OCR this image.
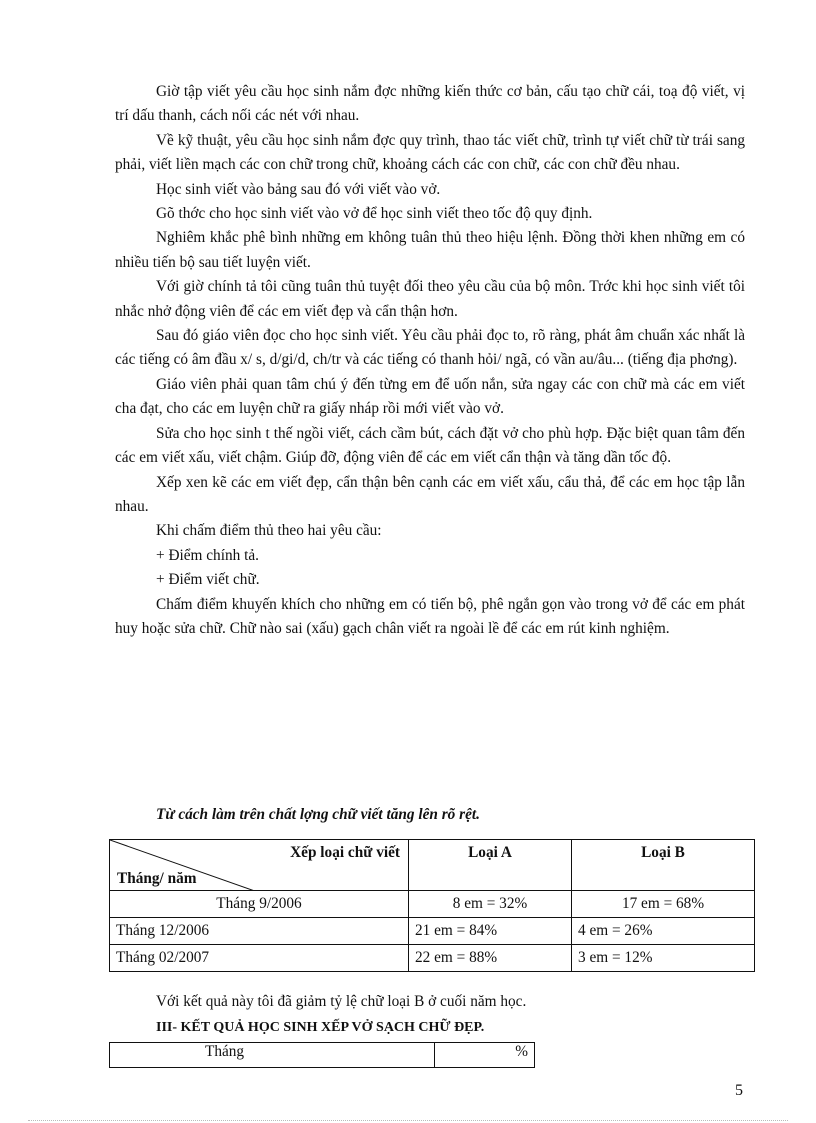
Giờ tập viết yêu cầu học sinh nắm đợc những kiến thức cơ bản, cấu tạo chữ cái, toạ độ viết, vị trí dấu thanh, cách nối các nét với nhau.

Về kỹ thuật, yêu cầu học sinh nắm đợc quy trình, thao tác viết chữ, trình tự viết chữ từ trái sang phải, viết liền mạch các con chữ trong chữ, khoảng cách các con chữ, các con chữ đều nhau.

Học sinh viết vào bảng sau đó với viết vào vở.

Gõ thớc cho học sinh viết vào vở để học sinh viết theo tốc độ quy định.

Nghiêm khắc phê bình những em không tuân thủ theo hiệu lệnh. Đồng thời khen những em có nhiều tiến bộ sau tiết luyện viết.

Với giờ chính tả tôi cũng tuân thủ tuyệt đối theo yêu cầu của bộ môn. Trớc khi học sinh viết tôi nhắc nhở động viên để các em viết đẹp và cẩn thận hơn.

Sau đó giáo viên đọc cho học sinh viết. Yêu cầu phải đọc to, rõ ràng, phát âm chuẩn xác nhất là các tiếng có âm đầu x/ s, d/gi/d, ch/tr và các tiếng có thanh hỏi/ ngã, có vần au/âu... (tiếng địa phơng).

Giáo viên phải quan tâm chú ý đến từng em để uốn nắn, sửa ngay các con chữ mà các em viết cha đạt, cho các em luyện chữ ra giấy nháp rồi mới viết vào vở.

Sửa cho học sinh t thế ngồi viết, cách cầm bút, cách đặt vở cho phù hợp. Đặc biệt quan tâm đến các em viết xấu, viết chậm. Giúp đỡ, động viên để các em viết cẩn thận và tăng dần tốc độ.

Xếp xen kẽ các em viết đẹp, cẩn thận bên cạnh các em viết xấu, cẩu thả, để các em học tập lẫn nhau.

Khi chấm điểm thủ theo hai yêu cầu:

+ Điểm chính tả.

+ Điểm viết chữ.

Chấm điểm khuyến khích cho những em có tiến bộ, phê ngắn gọn vào trong vở để các em phát huy hoặc sửa chữ. Chữ nào sai (xấu) gạch chân viết ra ngoài lề để các em rút kinh nghiệm.

Từ cách làm trên chất lợng chữ viết tăng lên rõ rệt.
Xếp loại chữ viết
Tháng/ năm	Loại A	Loại B
Tháng 9/2006	8 em = 32%	17 em = 68%
Tháng 12/2006	21 em = 84%	4 em = 26%
Tháng 02/2007	22 em = 88%	3 em = 12%
Với kết quả này tôi đã giảm tỷ lệ chữ loại B ở cuối năm học.
III- KẾT QUẢ HỌC SINH XẾP VỞ SẠCH CHỮ ĐẸP.
Tháng	%
5
